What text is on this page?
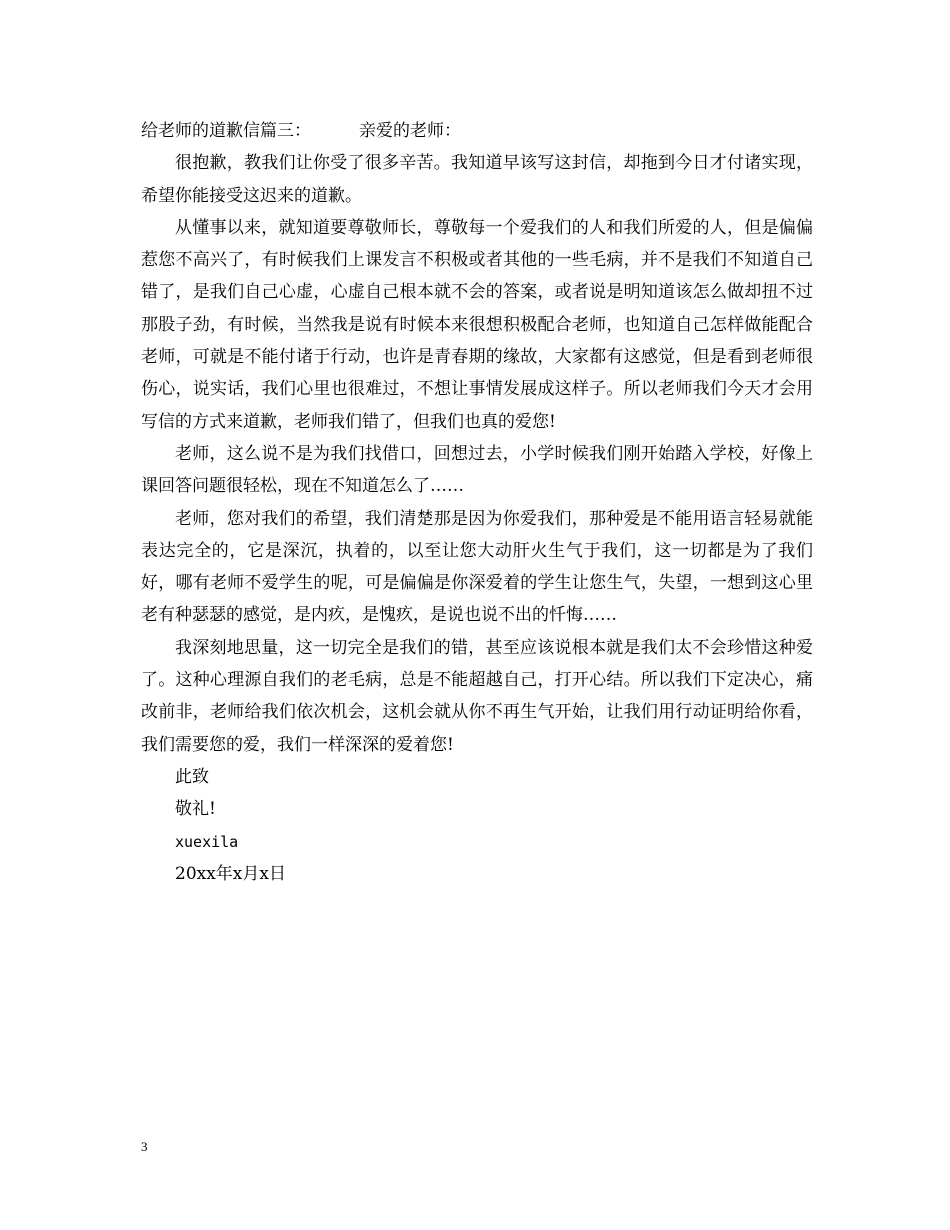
给老师的道歉信篇三：	亲爱的老师：

很抱歉，教我们让你受了很多辛苦。我知道早该写这封信，却拖到今日才付诸实现，希望你能接受这迟来的道歉。

从懂事以来，就知道要尊敬师长，尊敬每一个爱我们的人和我们所爱的人，但是偏偏惹您不高兴了，有时候我们上课发言不积极或者其他的一些毛病，并不是我们不知道自己错了，是我们自己心虚，心虚自己根本就不会的答案，或者说是明知道该怎么做却扭不过那股子劲，有时候，当然我是说有时候本来很想积极配合老师，也知道自己怎样做能配合老师，可就是不能付诸于行动，也许是青春期的缘故，大家都有这感觉，但是看到老师很伤心，说实话，我们心里也很难过，不想让事情发展成这样子。所以老师我们今天才会用写信的方式来道歉，老师我们错了，但我们也真的爱您!

老师，这么说不是为我们找借口，回想过去，小学时候我们刚开始踏入学校，好像上课回答问题很轻松，现在不知道怎么了……

老师，您对我们的希望，我们清楚那是因为你爱我们，那种爱是不能用语言轻易就能表达完全的，它是深沉，执着的，以至让您大动肝火生气于我们，这一切都是为了我们好，哪有老师不爱学生的呢，可是偏偏是你深爱着的学生让您生气，失望，一想到这心里老有种瑟瑟的感觉，是内疚，是愧疚，是说也说不出的忏悔……

我深刻地思量，这一切完全是我们的错，甚至应该说根本就是我们太不会珍惜这种爱了。这种心理源自我们的老毛病，总是不能超越自己，打开心结。所以我们下定决心，痛改前非，老师给我们依次机会，这机会就从你不再生气开始，让我们用行动证明给你看，我们需要您的爱，我们一样深深的爱着您!

此致

敬礼!

xuexila

20xx年x月x日

3
